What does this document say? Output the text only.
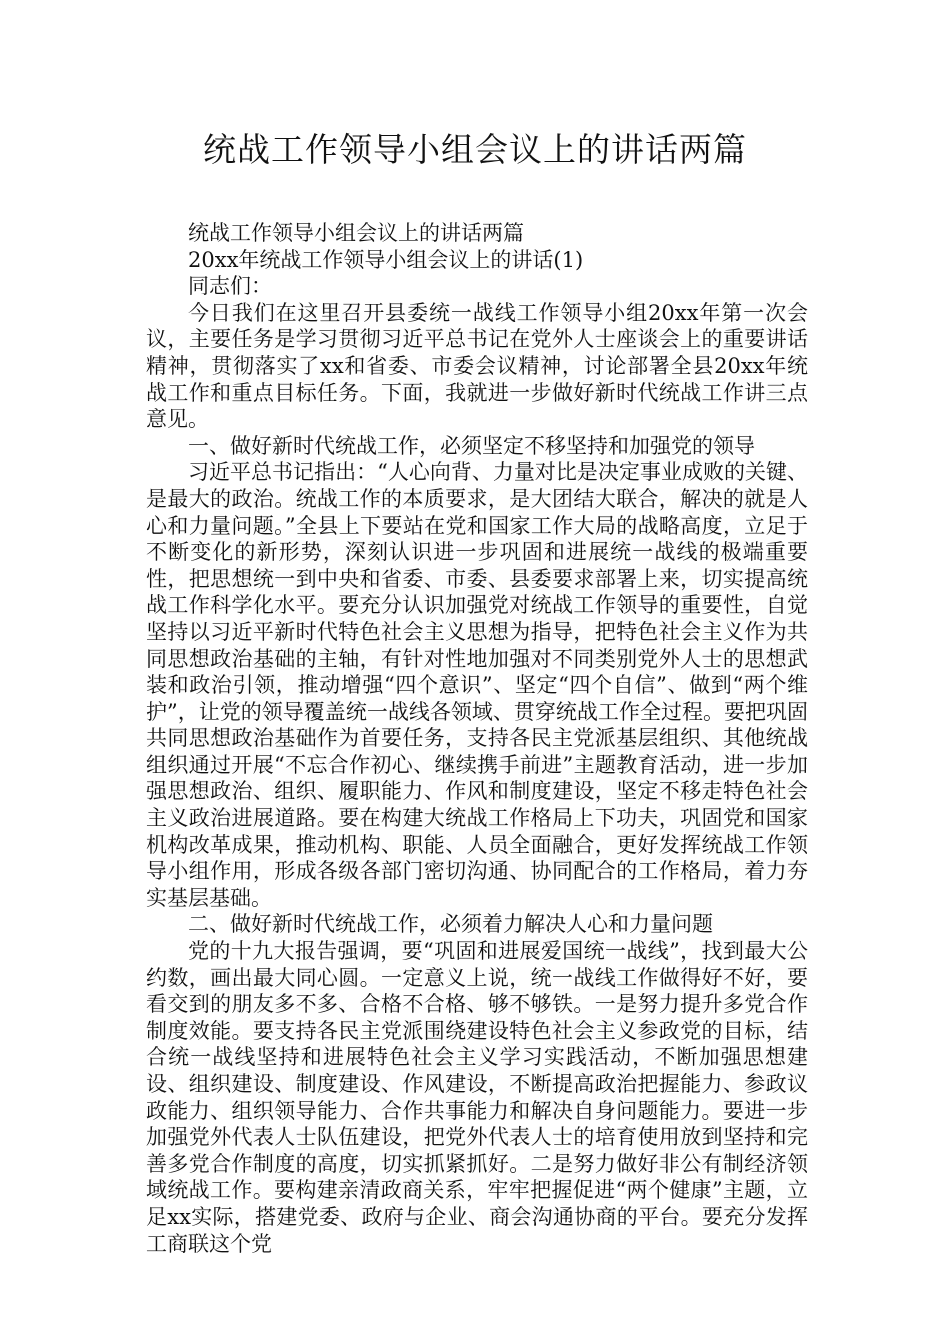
统战工作领导小组会议上的讲话两篇

统战工作领导小组会议上的讲话两篇

20xx年统战工作领导小组会议上的讲话(1)

同志们：

今日我们在这里召开县委统一战线工作领导小组20xx年第一次会议，主要任务是学习贯彻习近平总书记在党外人士座谈会上的重要讲话精神，贯彻落实了xx和省委、市委会议精神，讨论部署全县20xx年统战工作和重点目标任务。下面，我就进一步做好新时代统战工作讲三点意见。

一、做好新时代统战工作，必须坚定不移坚持和加强党的领导

习近平总书记指出：“人心向背、力量对比是决定事业成败的关键、是最大的政治。统战工作的本质要求，是大团结大联合，解决的就是人心和力量问题。”全县上下要站在党和国家工作大局的战略高度，立足于不断变化的新形势，深刻认识进一步巩固和进展统一战线的极端重要性，把思想统一到中央和省委、市委、县委要求部署上来，切实提高统战工作科学化水平。要充分认识加强党对统战工作领导的重要性，自觉坚持以习近平新时代特色社会主义思想为指导，把特色社会主义作为共同思想政治基础的主轴，有针对性地加强对不同类别党外人士的思想武装和政治引领，推动增强“四个意识”、坚定“四个自信”、做到“两个维护”，让党的领导覆盖统一战线各领域、贯穿统战工作全过程。要把巩固共同思想政治基础作为首要任务，支持各民主党派基层组织、其他统战组织通过开展“不忘合作初心、继续携手前进”主题教育活动，进一步加强思想政治、组织、履职能力、作风和制度建设，坚定不移走特色社会主义政治进展道路。要在构建大统战工作格局上下功夫，巩固党和国家机构改革成果，推动机构、职能、人员全面融合，更好发挥统战工作领导小组作用，形成各级各部门密切沟通、协同配合的工作格局，着力夯实基层基础。

二、做好新时代统战工作，必须着力解决人心和力量问题

党的十九大报告强调，要“巩固和进展爱国统一战线”，找到最大公约数，画出最大同心圆。一定意义上说，统一战线工作做得好不好，要看交到的朋友多不多、合格不合格、够不够铁。一是努力提升多党合作制度效能。要支持各民主党派围绕建设特色社会主义参政党的目标，结合统一战线坚持和进展特色社会主义学习实践活动，不断加强思想建设、组织建设、制度建设、作风建设，不断提高政治把握能力、参政议政能力、组织领导能力、合作共事能力和解决自身问题能力。要进一步加强党外代表人士队伍建设，把党外代表人士的培育使用放到坚持和完善多党合作制度的高度，切实抓紧抓好。二是努力做好非公有制经济领域统战工作。要构建亲清政商关系，牢牢把握促进“两个健康”主题，立足xx实际，搭建党委、政府与企业、商会沟通协商的平台。要充分发挥工商联这个党
